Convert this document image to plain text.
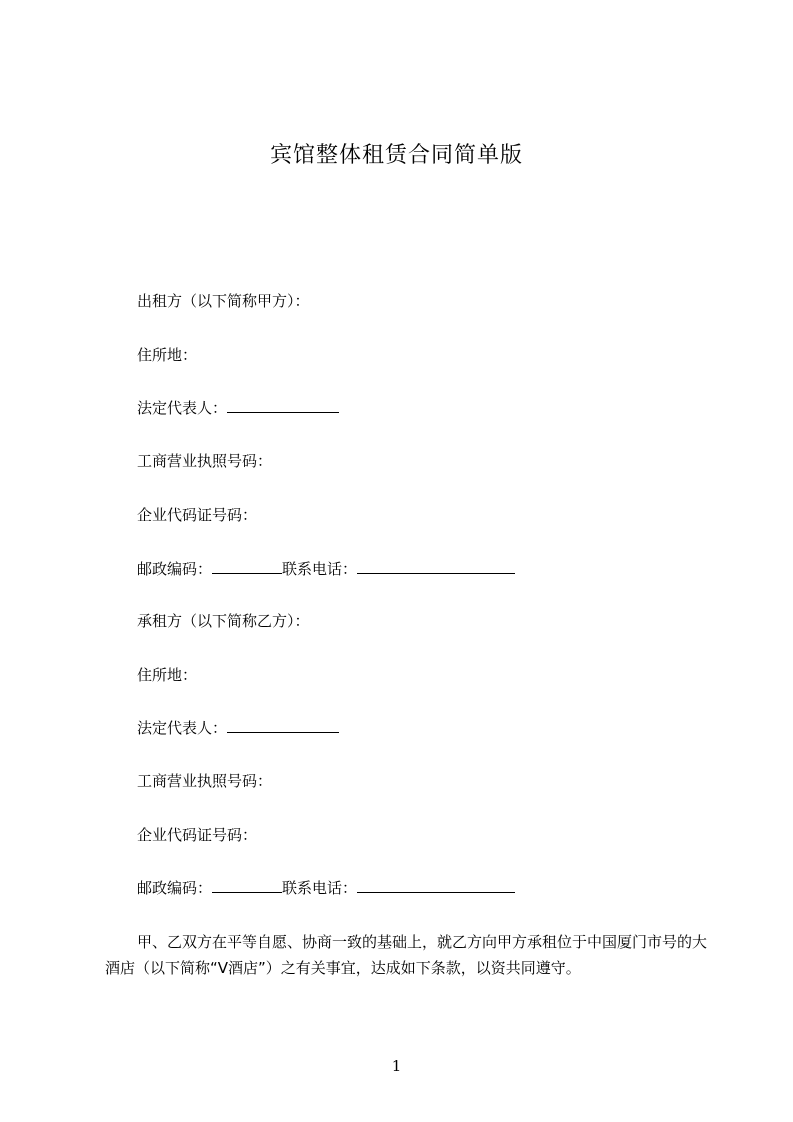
宾馆整体租赁合同简单版
出租方（以下简称甲方）：
住所地：
法定代表人：
工商营业执照号码：
企业代码证号码：
邮政编码：	联系电话：
承租方（以下简称乙方）：
住所地：
法定代表人：
工商营业执照号码：
企业代码证号码：
邮政编码：	联系电话：
甲、乙双方在平等自愿、协商一致的基础上，就乙方向甲方承租位于中国厦门市号的大酒店（以下简称“V酒店”）之有关事宜，达成如下条款，以资共同遵守。
1
